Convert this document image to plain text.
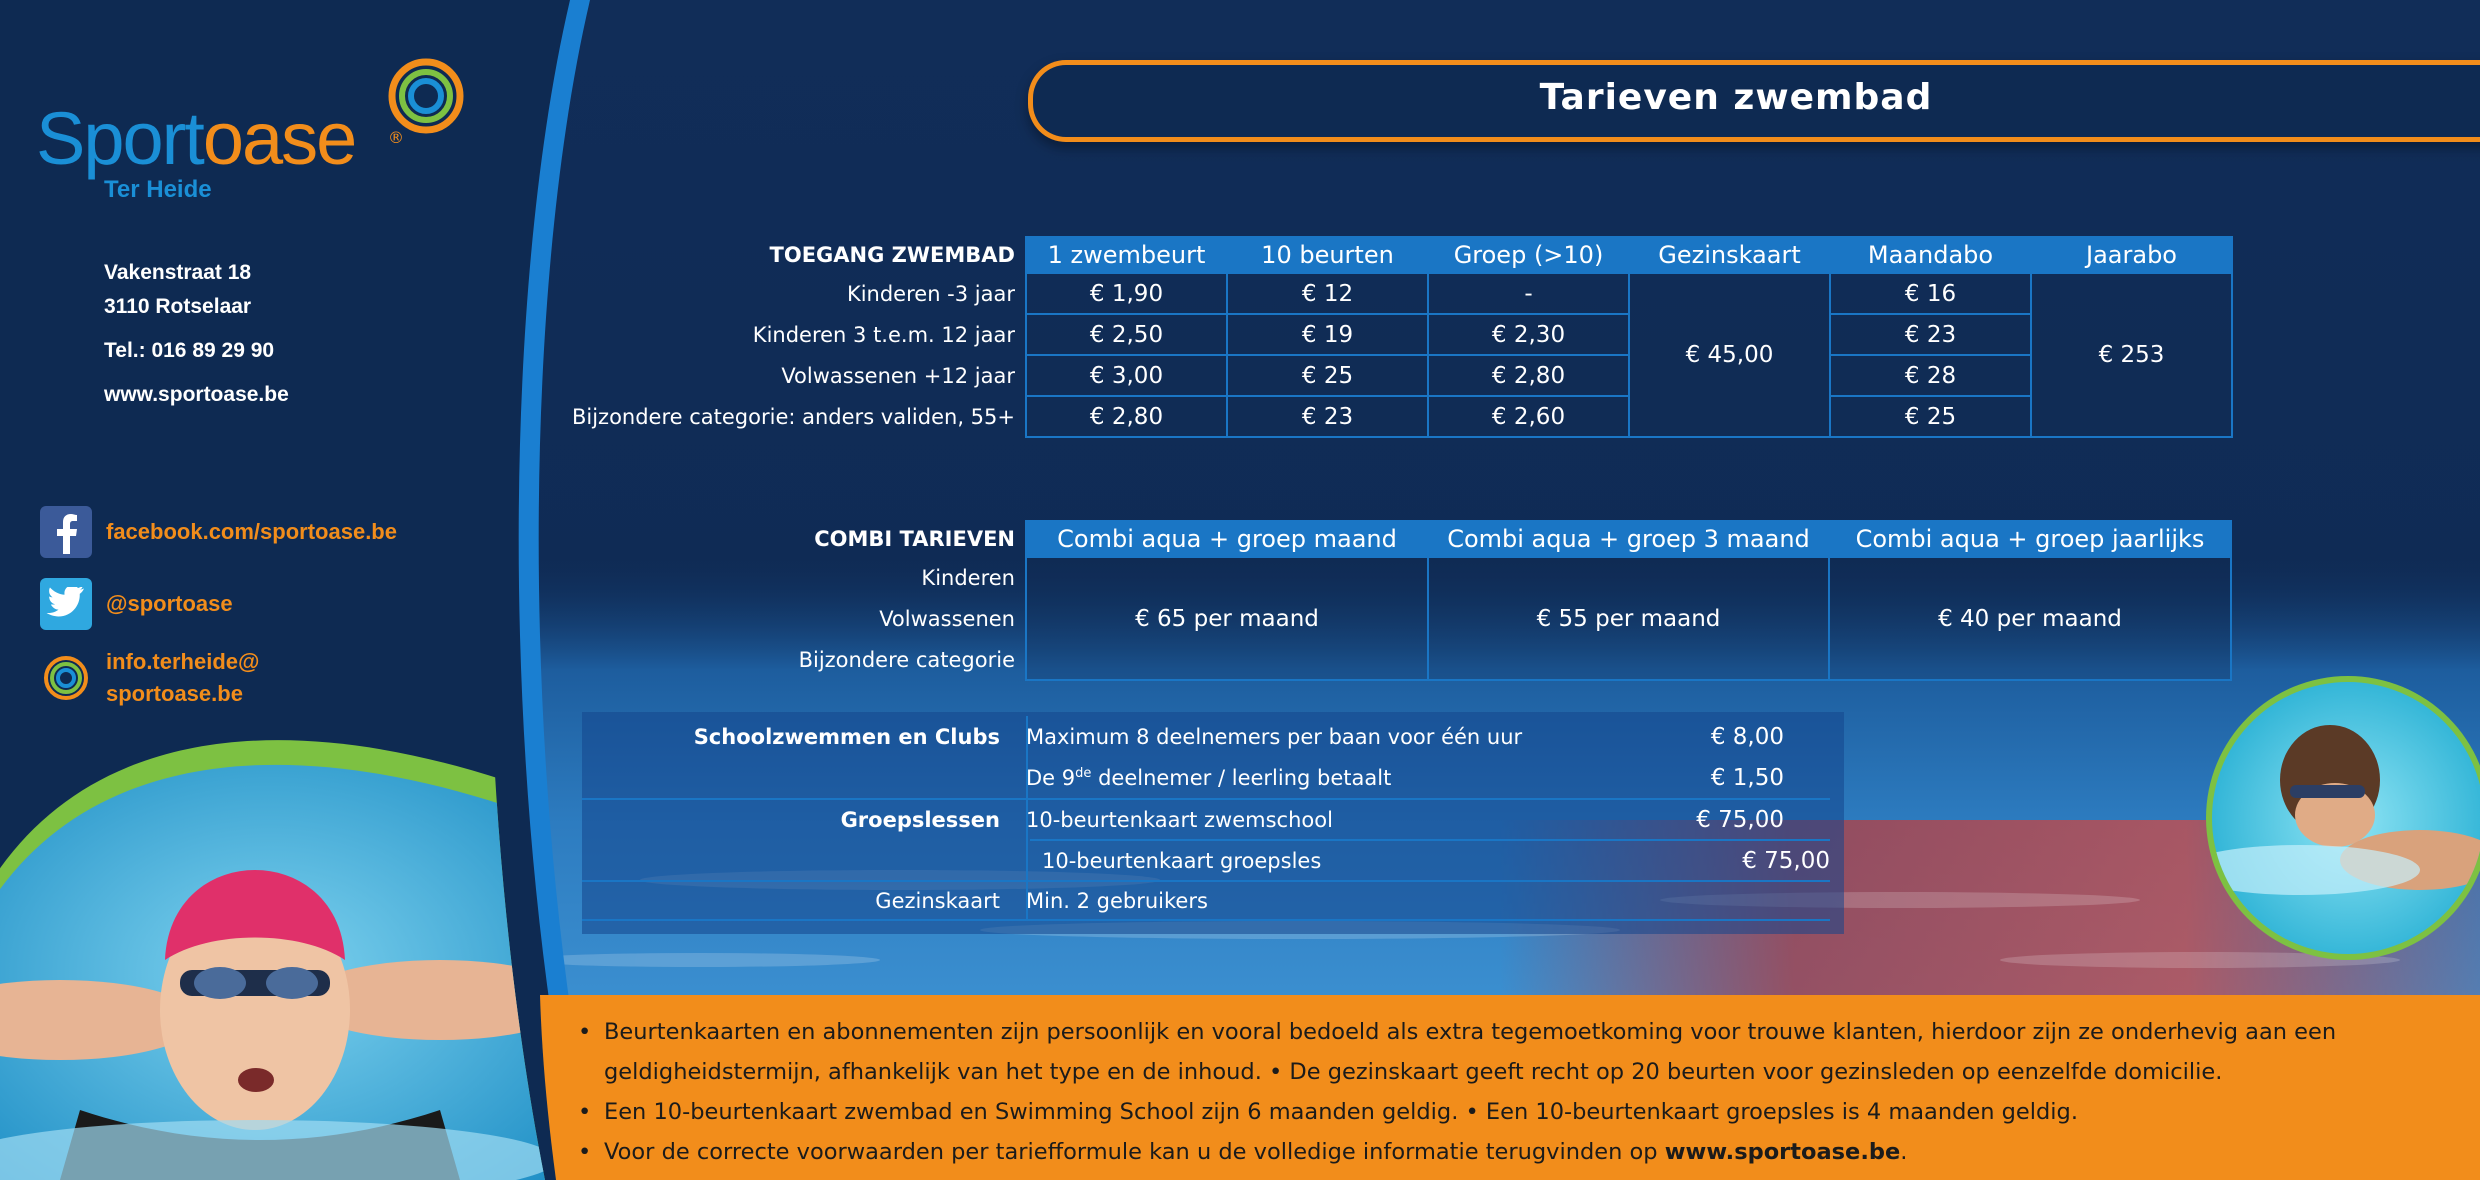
Sportoase ®
Ter Heide
Vakenstraat 18
3110 Rotselaar
Tel.: 016 89 29 90
www.sportoase.be
facebook.com/sportoase.be
@sportoase
info.terheide@
sportoase.be
Tarieven zwembad
TOEGANG ZWEMBAD	1 zwembeurt	10 beurten	Groep (>10)	Gezinskaart	Maandabo	Jaarabo
Kinderen -3 jaar	€ 1,90	€ 12	-	€ 45,00	€ 16	€ 253
Kinderen 3 t.e.m. 12 jaar	€ 2,50	€ 19	€ 2,30		€ 23	
Volwassenen +12 jaar	€ 3,00	€ 25	€ 2,80		€ 28	
Bijzondere categorie: anders validen, 55+	€ 2,80	€ 23	€ 2,60		€ 25	
COMBI TARIEVEN	Combi aqua + groep maand	Combi aqua + groep 3 maand	Combi aqua + groep jaarlijks
Kinderen	€ 65 per maand	€ 55 per maand	€ 40 per maand
Volwassenen			
Bijzondere categorie			
Schoolzwemmen en Clubs	Maximum 8 deelnemers per baan voor één uur	€ 8,00
De 9de deelnemer / leerling betaalt	€ 1,50
Groepslessen	10-beurtenkaart zwemschool	€ 75,00
10-beurtenkaart groepsles	€ 75,00
Gezinskaart	Min. 2 gebruikers
• Beurtenkaarten en abonnementen zijn persoonlijk en vooral bedoeld als extra tegemoetkoming voor trouwe klanten, hierdoor zijn ze onderhevig aan een geldigheidstermijn, afhankelijk van het type en de inhoud. • De gezinskaart geeft recht op 20 beurten voor gezinsleden op eenzelfde domicilie.
• Een 10-beurtenkaart zwembad en Swimming School zijn 6 maanden geldig. • Een 10-beurtenkaart groepsles is 4 maanden geldig.
• Voor de correcte voorwaarden per tariefformule kan u de volledige informatie terugvinden op www.sportoase.be.
